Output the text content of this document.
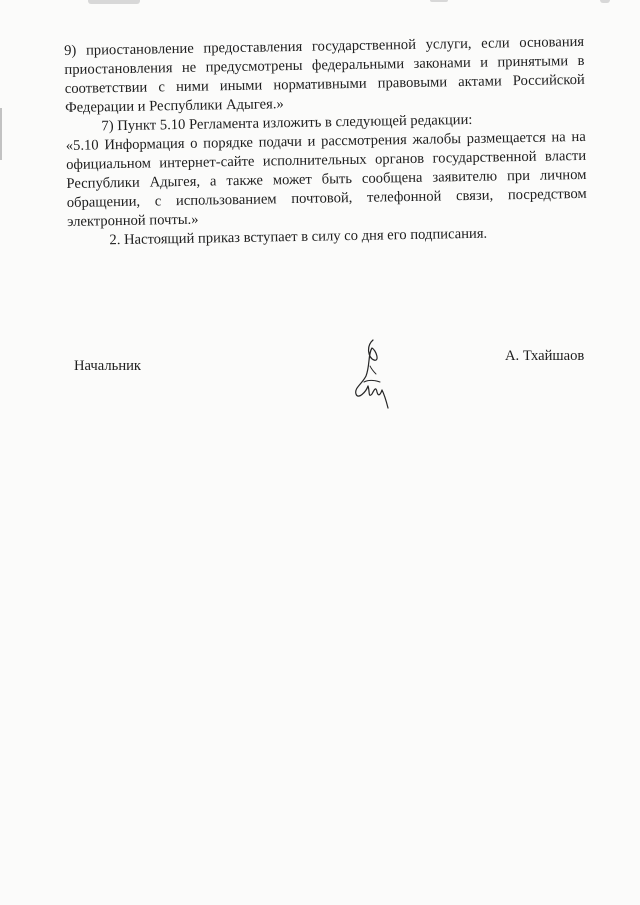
9) приостановление предоставления государственной услуги, если основания приостановления не предусмотрены федеральными законами и принятыми в соответствии с ними иными нормативными правовыми актами Российской Федерации и Республики Адыгея.»

7) Пункт 5.10 Регламента изложить в следующей редакции:

«5.10 Информация о порядке подачи и рассмотрения жалобы размещается на на официальном интернет-сайте исполнительных органов государственной власти Республики Адыгея, а также может быть сообщена заявителю при личном обращении, с использованием почтовой, телефонной связи, посредством электронной почты.»

2. Настоящий приказ вступает в силу со дня его подписания.

Начальник
А. Тхайшаов
